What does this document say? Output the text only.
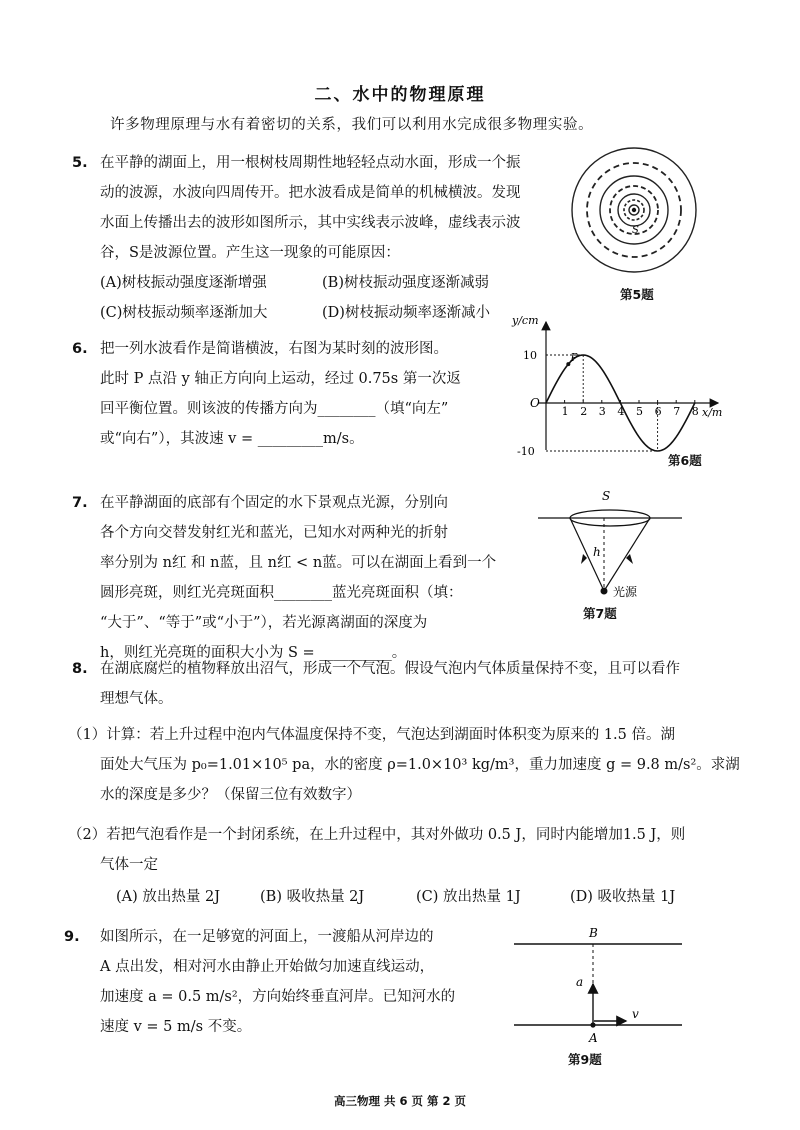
二、水中的物理原理
许多物理原理与水有着密切的关系，我们可以利用水完成很多物理实验。
5. 在平静的湖面上，用一根树枝周期性地轻轻点动水面，形成一个振
动的波源，水波向四周传开。把水波看成是简单的机械横波。发现
水面上传播出去的波形如图所示，其中实线表示波峰，虚线表示波
谷，S是波源位置。产生这一现象的可能原因：
(A)树枝振动强度逐渐增强	(B)树枝振动强度逐渐减弱
(C)树枝振动频率逐渐加大	(D)树枝振动频率逐渐减小
S
第5题
6. 把一列水波看作是简谐横波，右图为某时刻的波形图。
此时 P 点沿 y 轴正方向向上运动，经过 0.75s 第一次返
回平衡位置。则该波的传播方向为________（填“向左”
或“向右”），其波速 v = _________m/s。
y/cm
x/m
O
1 2 3 4 5 6 7 8
10
-10
P
第6题
7. 在平静湖面的底部有个固定的水下景观点光源，分别向
各个方向交替发射红光和蓝光，已知水对两种光的折射
率分别为 n红 和 n蓝，且 n红 < n蓝。可以在湖面上看到一个
圆形亮斑，则红光亮斑面积________蓝光亮斑面积（填：
“大于”、“等于”或“小于”），若光源离湖面的深度为
h，则红光亮斑的面积大小为 S = __________。
S
h
光源
第7题
8. 在湖底腐烂的植物释放出沼气，形成一个气泡。假设气泡内气体质量保持不变，且可以看作
理想气体。
（1）计算：若上升过程中泡内气体温度保持不变，气泡达到湖面时体积变为原来的 1.5 倍。湖
面处大气压为 p₀=1.01×10⁵ pa，水的密度 ρ=1.0×10³ kg/m³，重力加速度 g = 9.8 m/s²。求湖
水的深度是多少？（保留三位有效数字）
（2）若把气泡看作是一个封闭系统，在上升过程中，其对外做功 0.5 J，同时内能增加1.5 J，则
气体一定
(A) 放出热量 2J	(B) 吸收热量 2J	(C) 放出热量 1J	(D) 吸收热量 1J
9. 如图所示，在一足够宽的河面上，一渡船从河岸边的
A 点出发，相对河水由静止开始做匀加速直线运动，
加速度 a = 0.5 m/s²，方向始终垂直河岸。已知河水的
速度 v = 5 m/s 不变。
B
a
v
A
第9题
高三物理 共 6 页 第 2 页
